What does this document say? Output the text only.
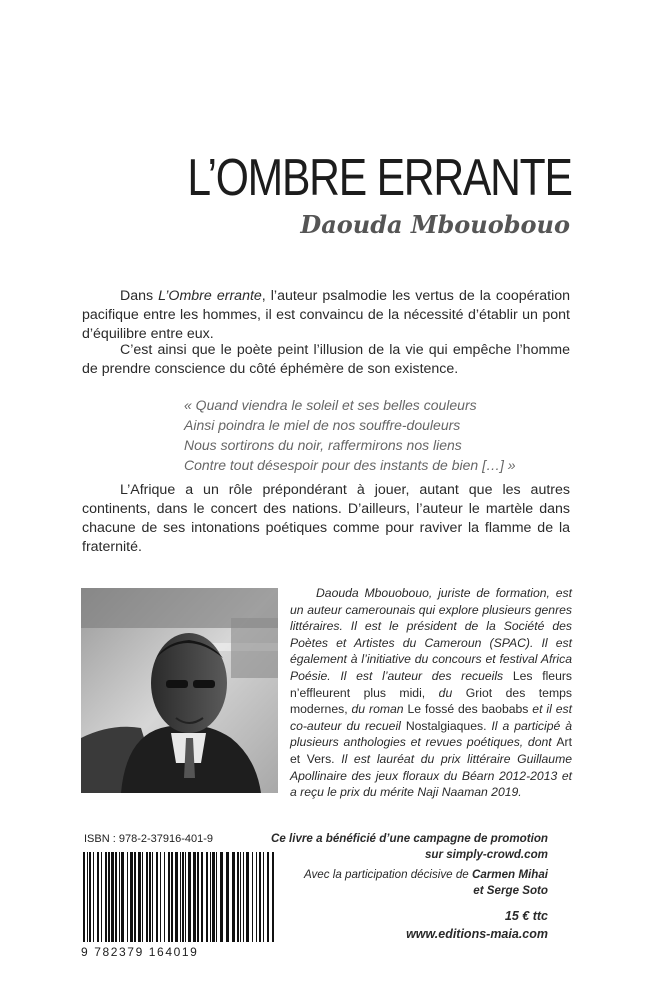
L’OMBRE ERRANTE
Daouda Mbouobouo

Dans L’Ombre errante, l’auteur psalmodie les vertus de la coopération pacifique entre les hommes, il est convaincu de la nécessité d’établir un pont d’équilibre entre eux.

C’est ainsi que le poète peint l’illusion de la vie qui empêche l’homme de prendre conscience du côté éphémère de son existence.

« Quand viendra le soleil et ses belles couleurs
Ainsi poindra le miel de nos souffre-douleurs
Nous sortirons du noir, raffermirons nos liens
Contre tout désespoir pour des instants de bien […] »

L’Afrique a un rôle prépondérant à jouer, autant que les autres continents, dans le concert des nations. D’ailleurs, l’auteur le martèle dans chacune de ses intonations poétiques comme pour raviver la flamme de la fraternité.

Daouda Mbouobouo, juriste de formation, est un auteur camerounais qui explore plusieurs genres littéraires. Il est le président de la Société des Poètes et Artistes du Cameroun (SPAC). Il est également à l’initiative du concours et festival Africa Poésie. Il est l’auteur des recueils Les fleurs n’effleurent plus midi, du Griot des temps modernes, du roman Le fossé des baobabs et il est co-auteur du recueil Nostalgiaques. Il a participé à plusieurs anthologies et revues poétiques, dont Art et Vers. Il est lauréat du prix littéraire Guillaume Apollinaire des jeux floraux du Béarn 2012-2013 et a reçu le prix du mérite Naji Naaman 2019.

ISBN : 978-2-37916-401-9
9 782379 164019
Ce livre a bénéficié d’une campagne de promotion
sur simply-crowd.com
Avec la participation décisive de Carmen Mihai
et Serge Soto
15 € ttc
www.editions-maia.com
